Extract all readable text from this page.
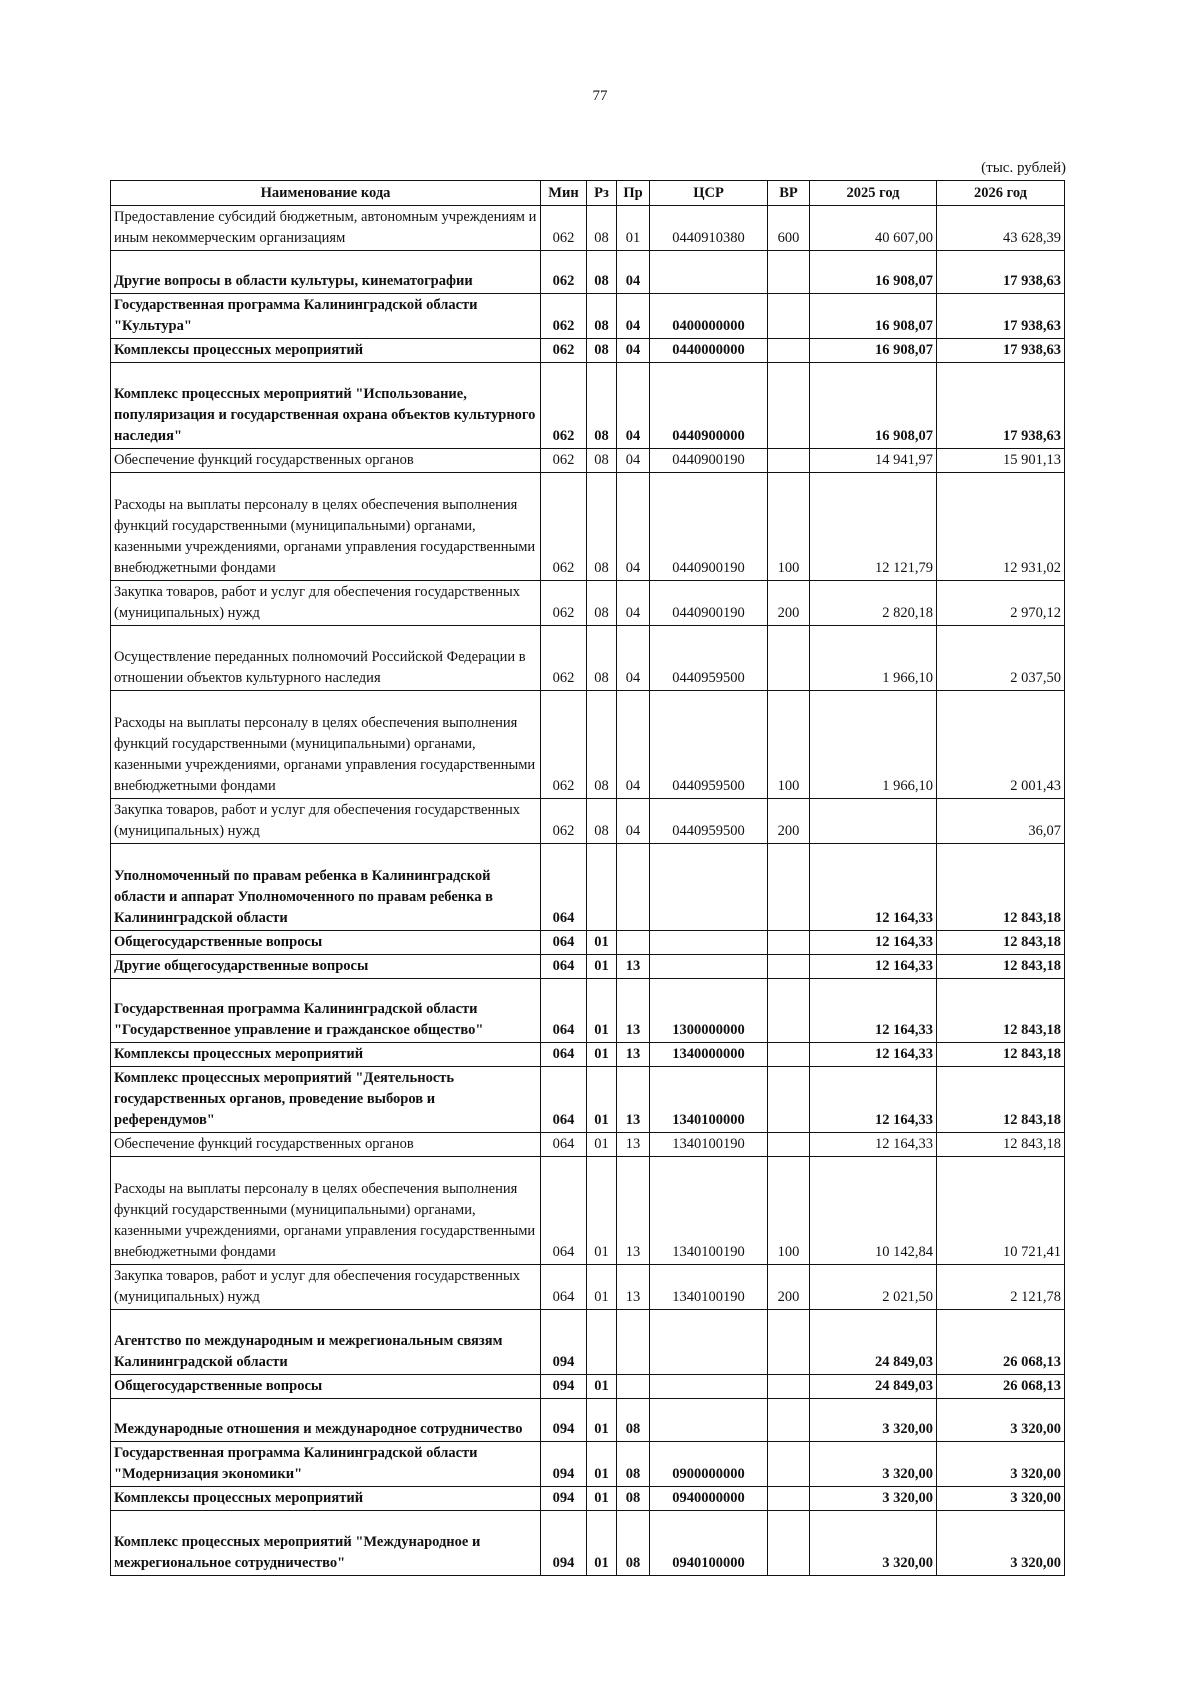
77
(тыс. рублей)
Наименование кода	Мин	Рз	Пр	ЦСР	ВР	2025 год	2026 год
Предоставление субсидий бюджетным, автономным учреждениям и иным некоммерческим организациям	062	08	01	0440910380	600	40 607,00	43 628,39
Другие вопросы в области культуры, кинематографии	062	08	04			16 908,07	17 938,63
Государственная программа Калининградской области "Культура"	062	08	04	0400000000		16 908,07	17 938,63
Комплексы процессных мероприятий	062	08	04	0440000000		16 908,07	17 938,63
Комплекс процессных мероприятий "Использование, популяризация и государственная охрана объектов культурного наследия"	062	08	04	0440900000		16 908,07	17 938,63
Обеспечение функций государственных органов	062	08	04	0440900190		14 941,97	15 901,13
Расходы на выплаты персоналу в целях обеспечения выполнения функций государственными (муниципальными) органами, казенными учреждениями, органами управления государственными внебюджетными фондами	062	08	04	0440900190	100	12 121,79	12 931,02
Закупка товаров, работ и услуг для обеспечения государственных (муниципальных) нужд	062	08	04	0440900190	200	2 820,18	2 970,12
Осуществление переданных полномочий Российской Федерации в отношении объектов культурного наследия	062	08	04	0440959500		1 966,10	2 037,50
Расходы на выплаты персоналу в целях обеспечения выполнения функций государственными (муниципальными) органами, казенными учреждениями, органами управления государственными внебюджетными фондами	062	08	04	0440959500	100	1 966,10	2 001,43
Закупка товаров, работ и услуг для обеспечения государственных (муниципальных) нужд	062	08	04	0440959500	200		36,07
Уполномоченный по правам ребенка в Калининградской области и аппарат Уполномоченного по правам ребенка в Калининградской области	064					12 164,33	12 843,18
Общегосударственные вопросы	064	01				12 164,33	12 843,18
Другие общегосударственные вопросы	064	01	13			12 164,33	12 843,18
Государственная программа Калининградской области "Государственное управление и гражданское общество"	064	01	13	1300000000		12 164,33	12 843,18
Комплексы процессных мероприятий	064	01	13	1340000000		12 164,33	12 843,18
Комплекс процессных мероприятий "Деятельность государственных органов, проведение выборов и референдумов"	064	01	13	1340100000		12 164,33	12 843,18
Обеспечение функций государственных органов	064	01	13	1340100190		12 164,33	12 843,18
Расходы на выплаты персоналу в целях обеспечения выполнения функций государственными (муниципальными) органами, казенными учреждениями, органами управления государственными внебюджетными фондами	064	01	13	1340100190	100	10 142,84	10 721,41
Закупка товаров, работ и услуг для обеспечения государственных (муниципальных) нужд	064	01	13	1340100190	200	2 021,50	2 121,78
Агентство по международным и межрегиональным связям Калининградской области	094					24 849,03	26 068,13
Общегосударственные вопросы	094	01				24 849,03	26 068,13
Международные отношения и международное сотрудничество	094	01	08			3 320,00	3 320,00
Государственная программа Калининградской области "Модернизация экономики"	094	01	08	0900000000		3 320,00	3 320,00
Комплексы процессных мероприятий	094	01	08	0940000000		3 320,00	3 320,00
Комплекс процессных мероприятий "Международное и межрегиональное сотрудничество"	094	01	08	0940100000		3 320,00	3 320,00
